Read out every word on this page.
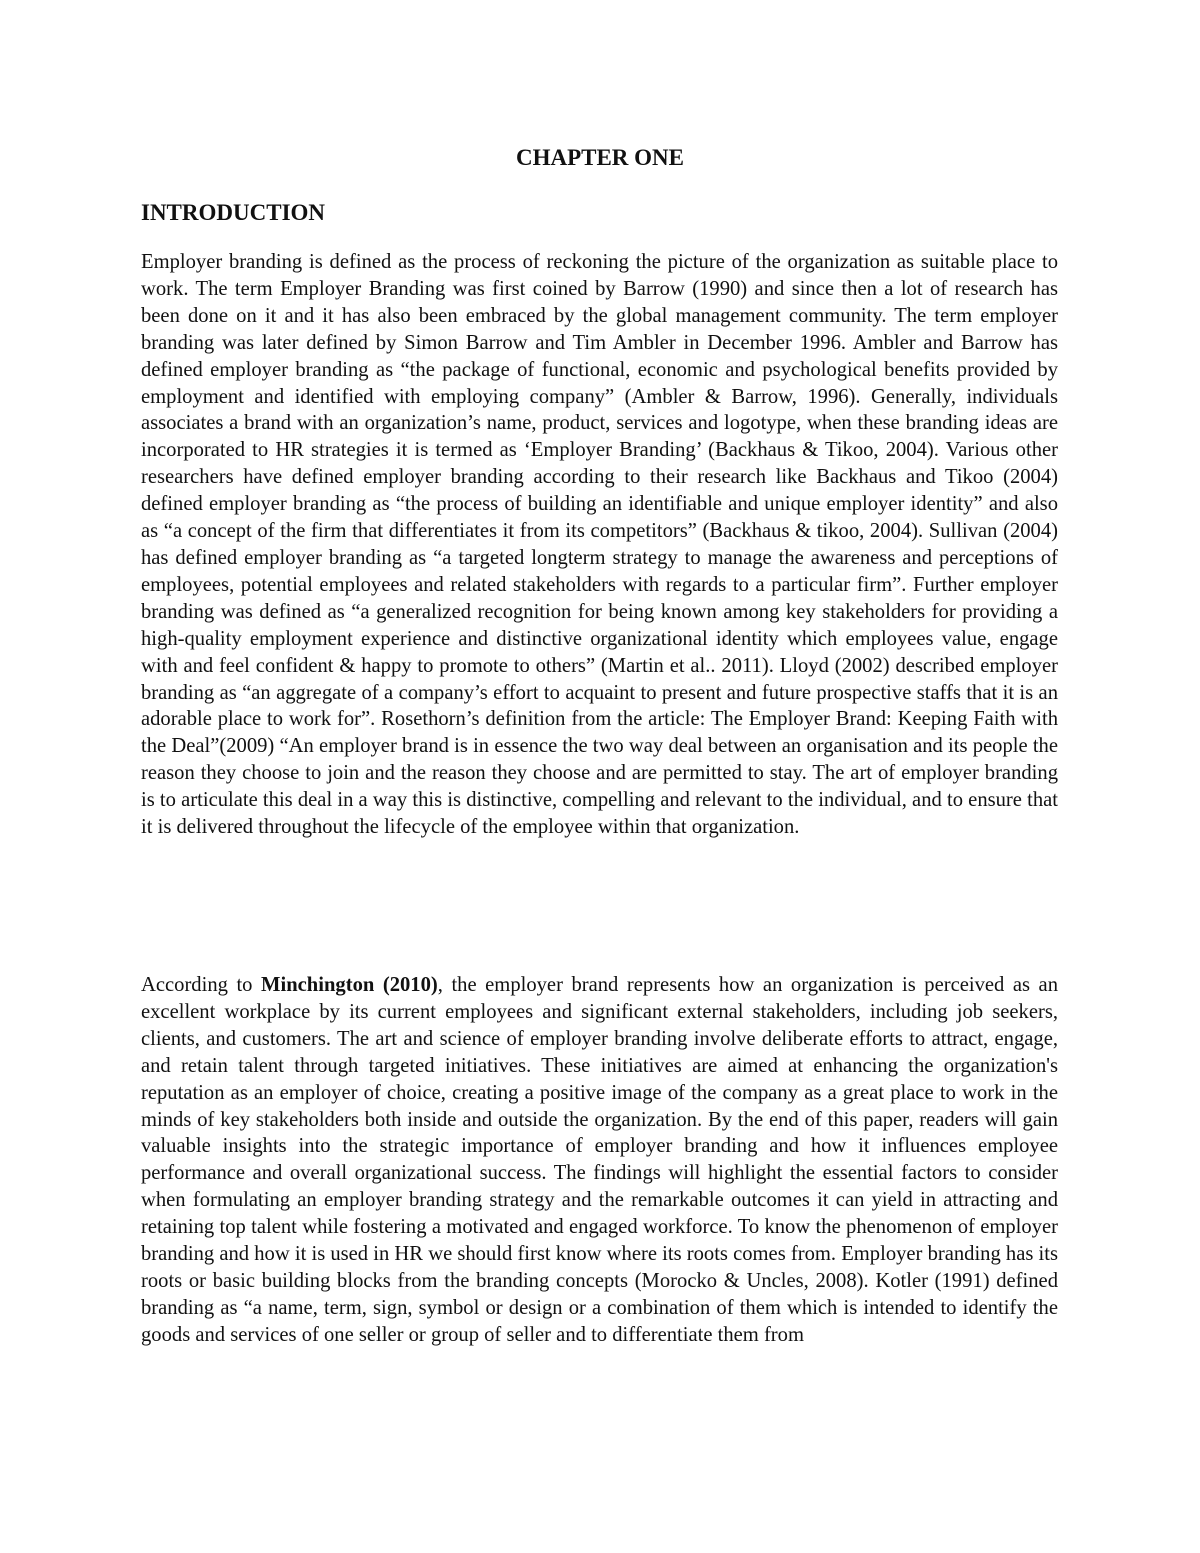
CHAPTER ONE
INTRODUCTION

Employer branding is defined as the process of reckoning the picture of the organization as suitable place to work. The term Employer Branding was first coined by Barrow (1990) and since then a lot of research has been done on it and it has also been embraced by the global management community. The term employer branding was later defined by Simon Barrow and Tim Ambler in December 1996. Ambler and Barrow has defined employer branding as “the package of functional, economic and psychological benefits provided by employment and identified with employing company” (Ambler & Barrow, 1996). Generally, individuals associates a brand with an organization’s name, product, services and logotype, when these branding ideas are incorporated to HR strategies it is termed as ‘Employer Branding’ (Backhaus & Tikoo, 2004). Various other researchers have defined employer branding according to their research like Backhaus and Tikoo (2004) defined employer branding as “the process of building an identifiable and unique employer identity” and also as “a concept of the firm that differentiates it from its competitors” (Backhaus & tikoo, 2004). Sullivan (2004) has defined employer branding as “a targeted longterm strategy to manage the awareness and perceptions of employees, potential employees and related stakeholders with regards to a particular firm”. Further employer branding was defined as “a generalized recognition for being known among key stakeholders for providing a high-quality employment experience and distinctive organizational identity which employees value, engage with and feel confident & happy to promote to others” (Martin et al.. 2011). Lloyd (2002) described employer branding as “an aggregate of a company’s effort to acquaint to present and future prospective staffs that it is an adorable place to work for”. Rosethorn’s definition from the article: The Employer Brand: Keeping Faith with the Deal”(2009) “An employer brand is in essence the two way deal between an organisation and its people the reason they choose to join and the reason they choose and are permitted to stay. The art of employer branding is to articulate this deal in a way this is distinctive, compelling and relevant to the individual, and to ensure that it is delivered throughout the lifecycle of the employee within that organization.

According to Minchington (2010), the employer brand represents how an organization is perceived as an excellent workplace by its current employees and significant external stakeholders, including job seekers, clients, and customers. The art and science of employer branding involve deliberate efforts to attract, engage, and retain talent through targeted initiatives. These initiatives are aimed at enhancing the organization's reputation as an employer of choice, creating a positive image of the company as a great place to work in the minds of key stakeholders both inside and outside the organization. By the end of this paper, readers will gain valuable insights into the strategic importance of employer branding and how it influences employee performance and overall organizational success. The findings will highlight the essential factors to consider when formulating an employer branding strategy and the remarkable outcomes it can yield in attracting and retaining top talent while fostering a motivated and engaged workforce. To know the phenomenon of employer branding and how it is used in HR we should first know where its roots comes from. Employer branding has its roots or basic building blocks from the branding concepts (Morocko & Uncles, 2008). Kotler (1991) defined branding as “a name, term, sign, symbol or design or a combination of them which is intended to identify the goods and services of one seller or group of seller and to differentiate them from
